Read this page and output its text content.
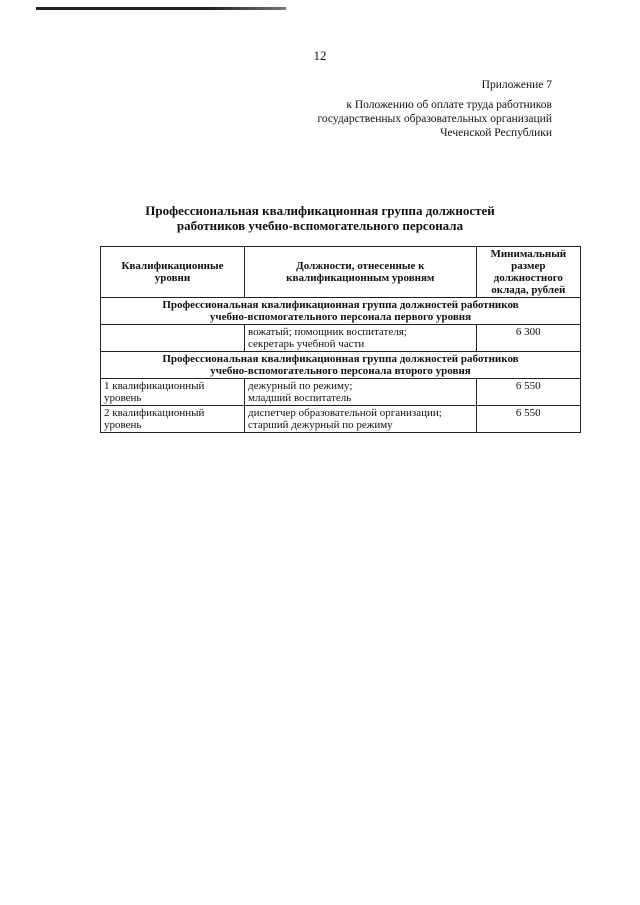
12
Приложение 7
к Положению об оплате труда работников
государственных образовательных организаций
Чеченской Республики
Профессиональная квалификационная группа должностей
работников учебно-вспомогательного персонала
Квалификационные уровни	Должности, отнесенные к квалификационным уровням	Минимальный размер должностного оклада, рублей

Профессиональная квалификационная группа должностей работников
учебно-вспомогательного персонала первого уровня		

	вожатый; помощник воспитателя;
секретарь учебной части	6 300

Профессиональная квалификационная группа должностей работников
учебно-вспомогательного персонала второго уровня		

1 квалификационный уровень	дежурный по режиму;
младший воспитатель	6 550
2 квалификационный уровень	диспетчер образовательной организации;
старший дежурный по режиму	6 550
